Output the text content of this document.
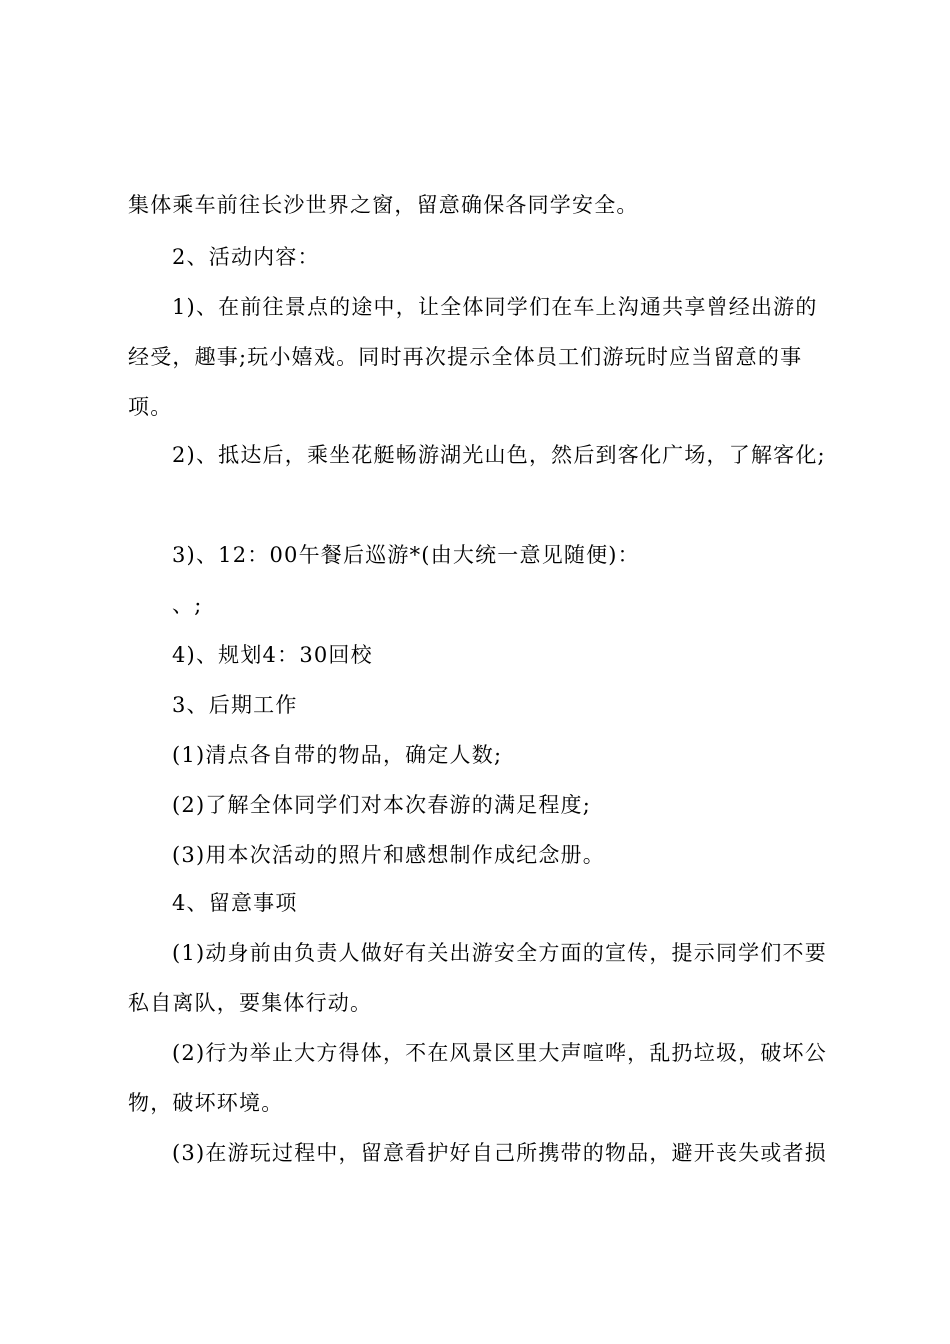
集体乘车前往长沙世界之窗，留意确保各同学安全。
2、活动内容：
1)、在前往景点的途中，让全体同学们在车上沟通共享曾经出游的
经受，趣事;玩小嬉戏。同时再次提示全体员工们游玩时应当留意的事
项。
2)、抵达后，乘坐花艇畅游湖光山色，然后到客化广场，了解客化;
3)、12：00午餐后巡游*(由大统一意见随便)：
、;
4)、规划4：30回校
3、后期工作
(1)清点各自带的物品，确定人数;
(2)了解全体同学们对本次春游的满足程度;
(3)用本次活动的照片和感想制作成纪念册。
4、留意事项
(1)动身前由负责人做好有关出游安全方面的宣传，提示同学们不要
私自离队，要集体行动。
(2)行为举止大方得体，不在风景区里大声喧哗，乱扔垃圾，破坏公
物，破坏环境。
(3)在游玩过程中，留意看护好自己所携带的物品，避开丧失或者损
